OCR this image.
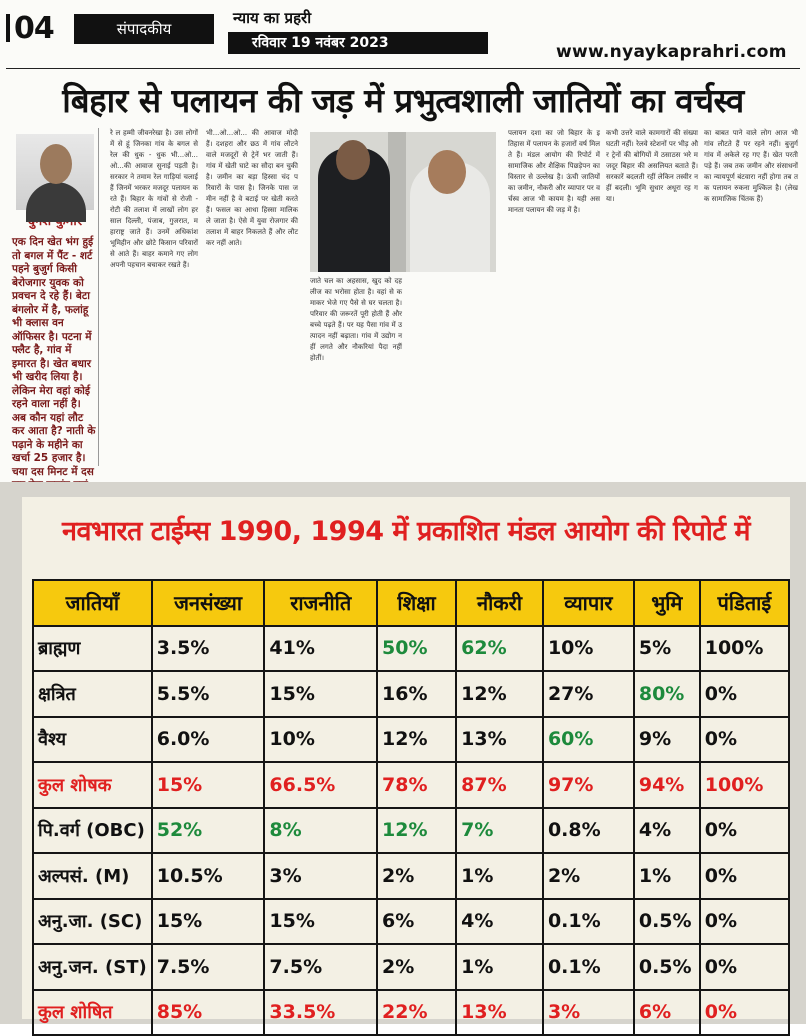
04	संपादकीय
न्याय का प्रहरी
रविवार 19 नवंबर 2023	www.nyaykaprahri.com
बिहार से पलायन की जड़ में प्रभुत्वशाली जातियों का वर्चस्व
एक दिन खेत भंग हुई तो बगल में पैंट - शर्ट पहने बुजुर्ग किसी बेरोजगार युवक को प्रवचन दे रहे हैं। बेटा बंगलोर में है, फलांहू भी क्लास वन ऑफिसर है। पटना में फ्लैट है, गांव में इमारत है। खेत बधार भी खरीद लिया है। लेकिन मेरा वहां कोई रहने वाला नहीं है। अब कौन यहां लौट कर आता है? नाती के पढ़ाने के महीने का खर्चा 25 हजार है। चया दस मिनट में दस
रे ल हम्मी जीवनरेखा है। उस लोगों में से हूं जिनका गांव के बगल से रेल की धुक - धुक भी...ओ...ओ...की आवाज सुनाई पड़ती है। सरकार ने तमाम रेल गाड़ियां चलाई हैं जिनमें भरकर मजदूर पलायन करते हैं। बिहार के गांवों से रोजी - रोटी की तलाश में लाखों लोग हर साल दिल्ली, पंजाब, गुजरात, महाराष्ट्र जाते हैं। उनमें अधिकांश भूमिहीन और छोटे किसान परिवारों से आते हैं। बाहर कमाने गए लोग अपनी पहचान बचाकर रखते हैं।
भी...ओ...ओ... की आवाज मोदी हैं। दशहरा और छठ में गांव लौटने वाले मजदूरों से ट्रेनें भर जाती हैं। गांव में खेती घाटे का सौदा बन चुकी है। जमीन का बड़ा हिस्सा चंद परिवारों के पास है। जिनके पास जमीन नहीं है वे बटाई पर खेती करते हैं। फसल का आधा हिस्सा मालिक ले जाता है। ऐसे में युवा रोजगार की तलाश में बाहर निकलते हैं और लौट कर नहीं आते।
जाते चल का अहसास, खुद को दहलीज का भरोसा होता है। वहां से कमाकर भेजे गए पैसे से घर चलता है। परिवार की जरूरतें पूरी होती हैं और बच्चे पढ़ते हैं। पर यह पैसा गांव में उत्पादन नहीं बढ़ाता। गांव में उद्योग नहीं लगते और नौकरियां पैदा नहीं होतीं।
पलायन दशा का जो बिहार के इतिहास में पलायन के हजारों वर्ष मिलते हैं। मंडल आयोग की रिपोर्ट में सामाजिक और शैक्षिक पिछड़ेपन का विस्तार से उल्लेख है। ऊंची जातियों का जमीन, नौकरी और व्यापार पर वर्चस्व आज भी कायम है। यही असमानता पलायन की जड़ में है।
कभी उत्तरे वाले कामगारों की संख्या घटती नहीं। रेलवे स्टेशनों पर भीड़ और ट्रेनों की बोगियों में ठसाठस भरे मजदूर बिहार की असलियत बताते हैं। सरकारें बदलती रहीं लेकिन तस्वीर नहीं बदली। भूमि सुधार अधूरा रह गया।
का बाबत पाने वाले लोग आज भी गांव लौटते हैं पर रहने नहीं। बुजुर्ग गांव में अकेले रह गए हैं। खेत परती पड़े हैं। जब तक जमीन और संसाधनों का न्यायपूर्ण बंटवारा नहीं होगा तब तक पलायन रुकना मुश्किल है। (लेखक सामाजिक चिंतक हैं)
नवभारत टाईम्स 1990, 1994 में प्रकाशित मंडल आयोग की रिपोर्ट में
जातियाँ	जनसंख्या	राजनीति	शिक्षा	नौकरी	व्यापार	भुमि	पंडिताई
ब्राह्मण	3.5%	41%	50%	62%	10%	5%	100%
क्षत्रित	5.5%	15%	16%	12%	27%	80%	0%
वैश्य	6.0%	10%	12%	13%	60%	9%	0%
कुल शोषक	15%	66.5%	78%	87%	97%	94%	100%
पि.वर्ग (OBC)	52%	8%	12%	7%	0.8%	4%	0%
अल्पसं. (M)	10.5%	3%	2%	1%	2%	1%	0%
अनु.जा. (SC)	15%	15%	6%	4%	0.1%	0.5%	0%
अनु.जन. (ST)	7.5%	7.5%	2%	1%	0.1%	0.5%	0%
कुल शोषित	85%	33.5%	22%	13%	3%	6%	0%
